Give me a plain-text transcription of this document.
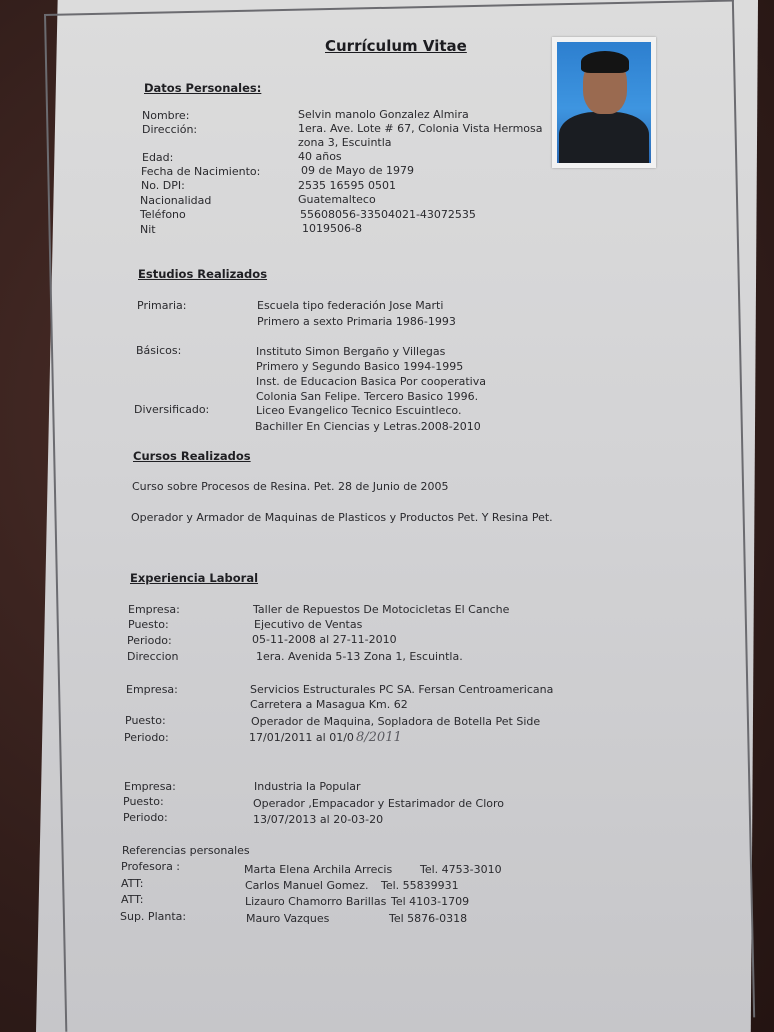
Currículum Vitae
Datos Personales:
Nombre:	Selvin manolo Gonzalez Almira
Dirección:	1era. Ave. Lote # 67, Colonia Vista Hermosa
zona 3, Escuintla
Edad:	40 años
Fecha de Nacimiento:	09 de Mayo de 1979
No. DPI:	2535 16595 0501
Nacionalidad	Guatemalteco
Teléfono	55608056-33504021-43072535
Nit	1019506-8
Estudios Realizados
Primaria:	Escuela tipo federación Jose Marti
Primero a sexto Primaria 1986-1993
Básicos:	Instituto Simon Bergaño y Villegas
Primero y Segundo Basico 1994-1995
Inst. de Educacion Basica Por cooperativa
Colonia San Felipe. Tercero Basico 1996.
Diversificado:	Liceo Evangelico Tecnico Escuintleco.
Bachiller En Ciencias y Letras.2008-2010
Cursos Realizados
Curso sobre Procesos de Resina. Pet. 28 de Junio de 2005
Operador y Armador de Maquinas de Plasticos y Productos Pet. Y Resina Pet.
Experiencia Laboral
Empresa:	Taller de Repuestos De Motocicletas El Canche
Puesto:	Ejecutivo de Ventas
Periodo:	05-11-2008 al 27-11-2010
Direccion	1era. Avenida 5-13 Zona 1, Escuintla.
Empresa:	Servicios Estructurales PC SA. Fersan Centroamericana
Carretera a Masagua Km. 62
Puesto:	Operador de Maquina, Sopladora de Botella Pet Side
Periodo:	17/01/2011 al 01/0 8/2011
Empresa:	Industria la Popular
Puesto:	Operador ,Empacador y Estarimador de Cloro
Periodo:	13/07/2013 al 20-03-20
Referencias personales
Profesora :	Marta Elena Archila Arrecis	Tel. 4753-3010
ATT:	Carlos Manuel Gomez. Tel. 55839931
ATT:	Lizauro Chamorro Barillas Tel 4103-1709
Sup. Planta:	Mauro Vazques	Tel 5876-0318
